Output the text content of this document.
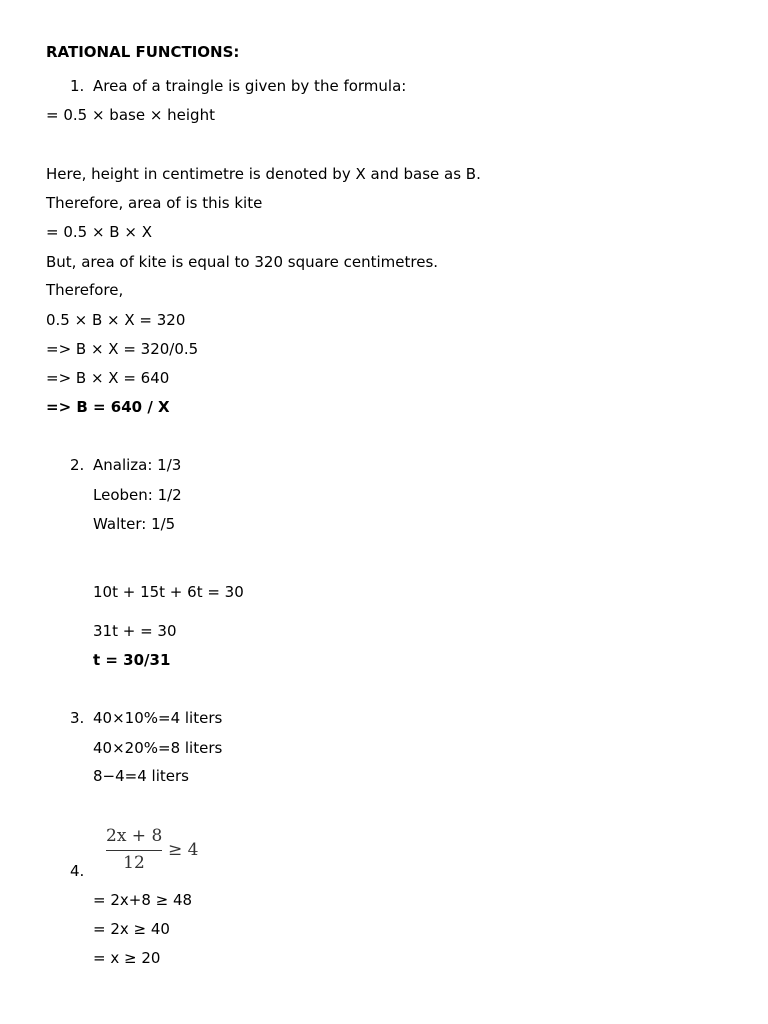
RATIONAL FUNCTIONS:
1. Area of a traingle is given by the formula:
= 0.5 × base × height
Here, height in centimetre is denoted by X and base as B.
Therefore, area of is this kite
= 0.5 × B × X
But, area of kite is equal to 320 square centimetres.
Therefore,
0.5 × B × X = 320
=> B × X = 320/0.5
=> B × X = 640
=> B = 640 / X
2. Analiza: 1/3
Leoben: 1/2
Walter: 1/5
10t + 15t + 6t = 30
31t + = 30
t = 30/31
3. 40×10%=4 liters
40×20%=8 liters
8−4=4 liters
2x + 8
12
≥ 4
4.
= 2x+8 ≥ 48
= 2x ≥ 40
= x ≥ 20
